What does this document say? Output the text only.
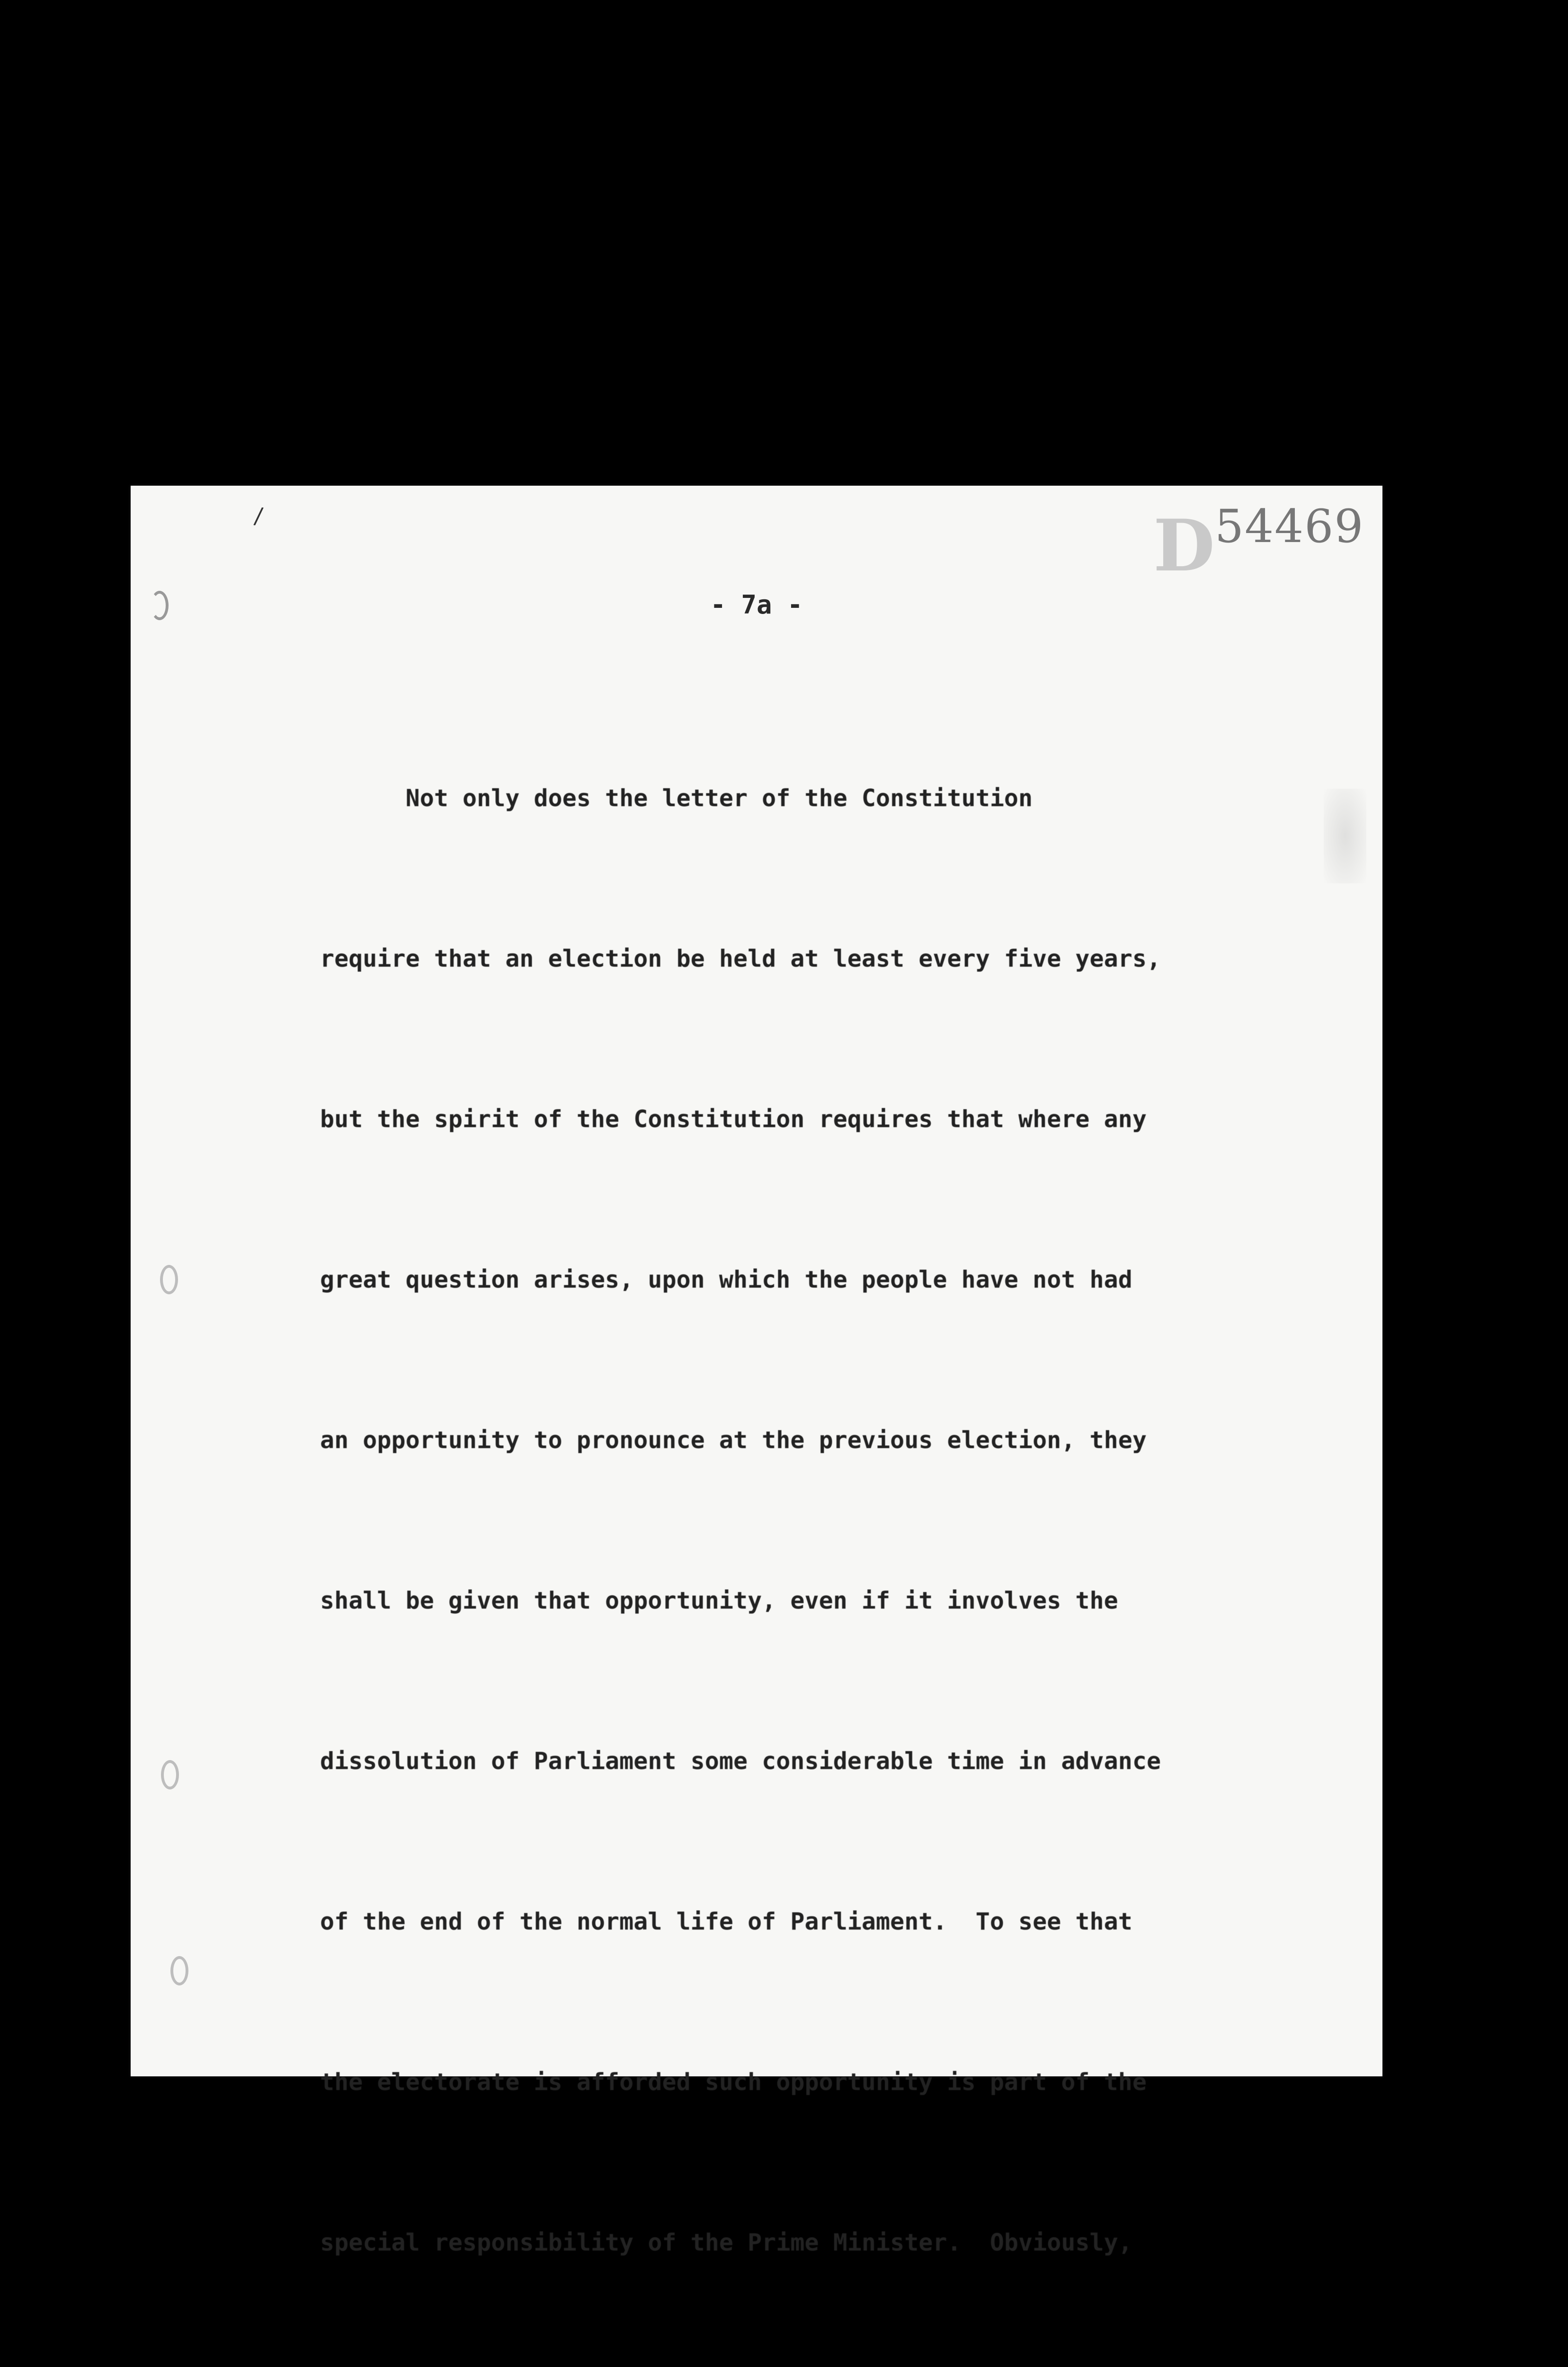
/	D 54469
- 7a -

Not only does the letter of the Constitution

require that an election be held at least every five years,

but the spirit of the Constitution requires that where any

great question arises, upon which the people have not had

an opportunity to pronounce at the previous election, they

shall be given that opportunity, even if it involves the

dissolution of Parliament some considerable time in advance

of the end of the normal life of Parliament.  To see that

the electorate is afforded such opportunity is part of the

special responsibility of the Prime Minister.  Obviously,
